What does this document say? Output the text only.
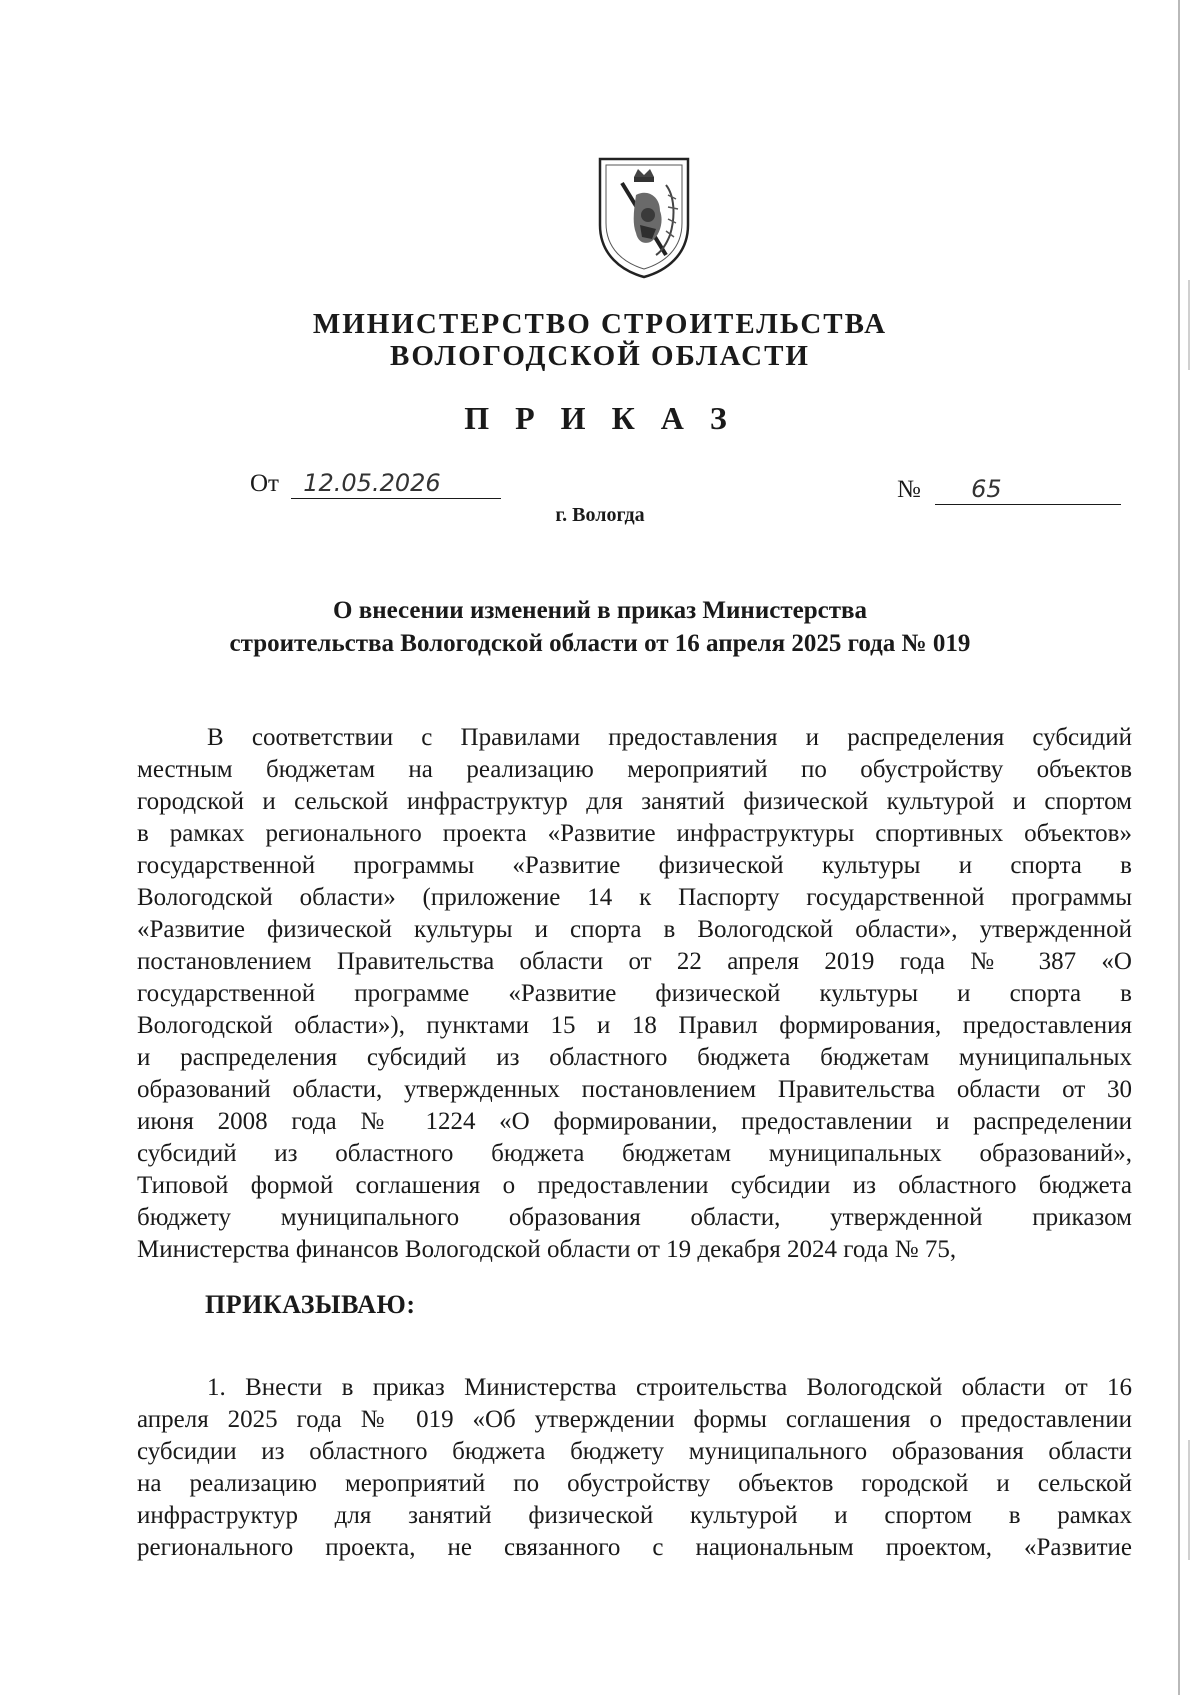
МИНИСТЕРСТВО СТРОИТЕЛЬСТВА
ВОЛОГОДСКОЙ ОБЛАСТИ
П Р И К А З
От 12.05.2026	№ 65
г. Вологда
О внесении изменений в приказ Министерства
строительства Вологодской области от 16 апреля 2025 года № 019
В соответствии с Правилами предоставления и распределения субсидий
местным бюджетам на реализацию мероприятий по обустройству объектов
городской и сельской инфраструктур для занятий физической культурой и спортом
в рамках регионального проекта «Развитие инфраструктуры спортивных объектов»
государственной программы «Развитие физической культуры и спорта в
Вологодской области» (приложение 14 к Паспорту государственной программы
«Развитие физической культуры и спорта в Вологодской области», утвержденной
постановлением Правительства области от 22 апреля 2019 года № 387 «О
государственной программе «Развитие физической культуры и спорта в
Вологодской области»), пунктами 15 и 18 Правил формирования, предоставления
и распределения субсидий из областного бюджета бюджетам муниципальных
образований области, утвержденных постановлением Правительства области от 30
июня 2008 года № 1224 «О формировании, предоставлении и распределении
субсидий из областного бюджета бюджетам муниципальных образований»,
Типовой формой соглашения о предоставлении субсидии из областного бюджета
бюджету муниципального образования области, утвержденной приказом
Министерства финансов Вологодской области от 19 декабря 2024 года № 75,
ПРИКАЗЫВАЮ:
1. Внести в приказ Министерства строительства Вологодской области от 16
апреля 2025 года № 019 «Об утверждении формы соглашения о предоставлении
субсидии из областного бюджета бюджету муниципального образования области
на реализацию мероприятий по обустройству объектов городской и сельской
инфраструктур для занятий физической культурой и спортом в рамках
регионального проекта, не связанного с национальным проектом, «Развитие
